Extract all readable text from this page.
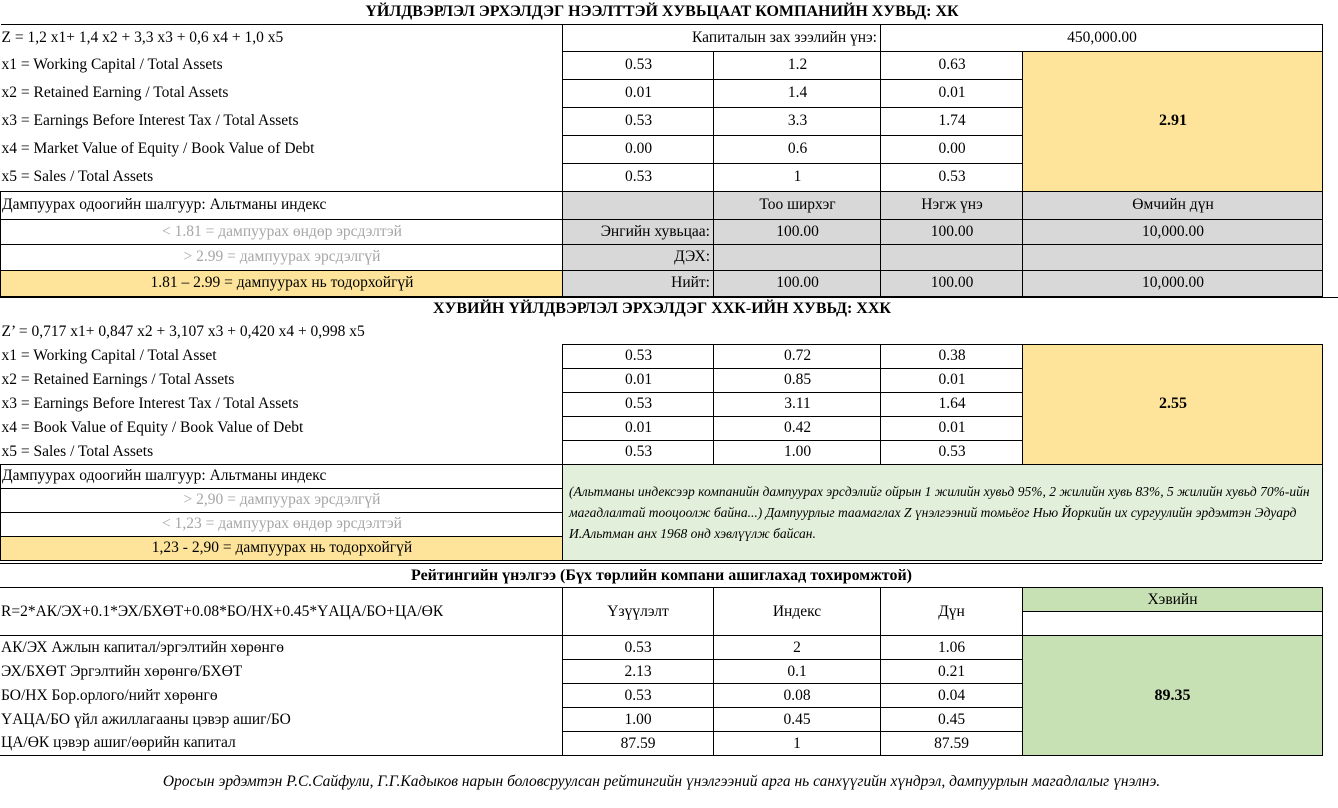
ҮЙЛДВЭРЛЭЛ ЭРХЭЛДЭГ НЭЭЛТТЭЙ ХУВЬЦААТ КОМПАНИЙН ХУВЬД: ХК				
Z = 1,2 x1+ 1,4 x2 + 3,3 x3 + 0,6 x4 + 1,0 x5	Капиталын зах зээлийн үнэ:		450,000.00	
x1 = Working Capital / Total Assets	0.53	1.2	0.63	2.91
x2 = Retained Earning / Total Assets	0.01	1.4	0.01	
x3 = Earnings Before Interest Tax / Total Assets	0.53	3.3	1.74	
x4 = Market Value of Equity / Book Value of Debt	0.00	0.6	0.00	
x5 = Sales / Total Assets	0.53	1	0.53	
Дампуурах одоогийн шалгуур: Альтманы индекс		Тоо ширхэг	Нэгж үнэ	Өмчийн дүн
< 1.81 = дампуурах өндөр эрсдэлтэй	Энгийн хувьцаа:	100.00	100.00	10,000.00
> 2.99 = дампуурах эрсдэлгүй	ДЭХ:			
1.81 – 2.99 = дампуурах нь тодорхойгүй	Нийт:	100.00	100.00	10,000.00
ХУВИЙН ҮЙЛДВЭРЛЭЛ ЭРХЭЛДЭГ ХХК-ИЙН ХУВЬД: ХХК				
Z’ = 0,717 x1+ 0,847 x2 + 3,107 x3 + 0,420 x4 + 0,998 x5				
x1 = Working Capital / Total Asset	0.53	0.72	0.38	2.55
x2 = Retained Earnings / Total Assets	0.01	0.85	0.01	
x3 = Earnings Before Interest Tax / Total Assets	0.53	3.11	1.64	
x4 = Book Value of Equity / Book Value of Debt	0.01	0.42	0.01	
x5 = Sales / Total Assets	0.53	1.00	0.53	
Дампуурах одоогийн шалгуур: Альтманы индекс	(Альтманы индексээр компанийн дампуурах эрсдэлийг ойрын 1 жилийн хувьд 95%, 2 жилийн хувь 83%, 5 жилийн хувьд 70%-ийн магадлалтай тооцоолж байна...) Дампуурлыг таамаглах Z үнэлгээний томьёог Нью Йоркийн их сургуулийн эрдэмтэн Эдуард И.Альтман анх 1968 онд хэвлүүлж байсан.			
> 2,90 = дампуурах эрсдэлгүй				
< 1,23 = дампуурах өндөр эрсдэлтэй				
1,23 - 2,90 = дампуурах нь тодорхойгүй				
Рейтингийн үнэлгээ (Бүх төрлийн компани ашиглахад тохиромжтой)				
R=2*АК/ЭХ+0.1*ЭХ/БХӨТ+0.08*БО/НХ+0.45*ҮАЦА/БО+ЦА/ӨК	Үзүүлэлт	Индекс	Дүн	Хэвийн

АК/ЭХ Ажлын капитал/эргэлтийн хөрөнгө	0.53	2	1.06	89.35
ЭХ/БХӨТ Эргэлтийн хөрөнгө/БХӨТ	2.13	0.1	0.21	
БО/НХ Бор.орлого/нийт хөрөнгө	0.53	0.08	0.04	
ҮАЦА/БО үйл ажиллагааны цэвэр ашиг/БО	1.00	0.45	0.45	
ЦА/ӨК цэвэр ашиг/өөрийн капитал	87.59	1	87.59	
Оросын эрдэмтэн Р.С.Сайфули, Г.Г.Кадыков нарын боловсруулсан рейтингийн үнэлгээний арга нь санхүүгийн хүндрэл, дампуурлын магадлалыг үнэлнэ.				
